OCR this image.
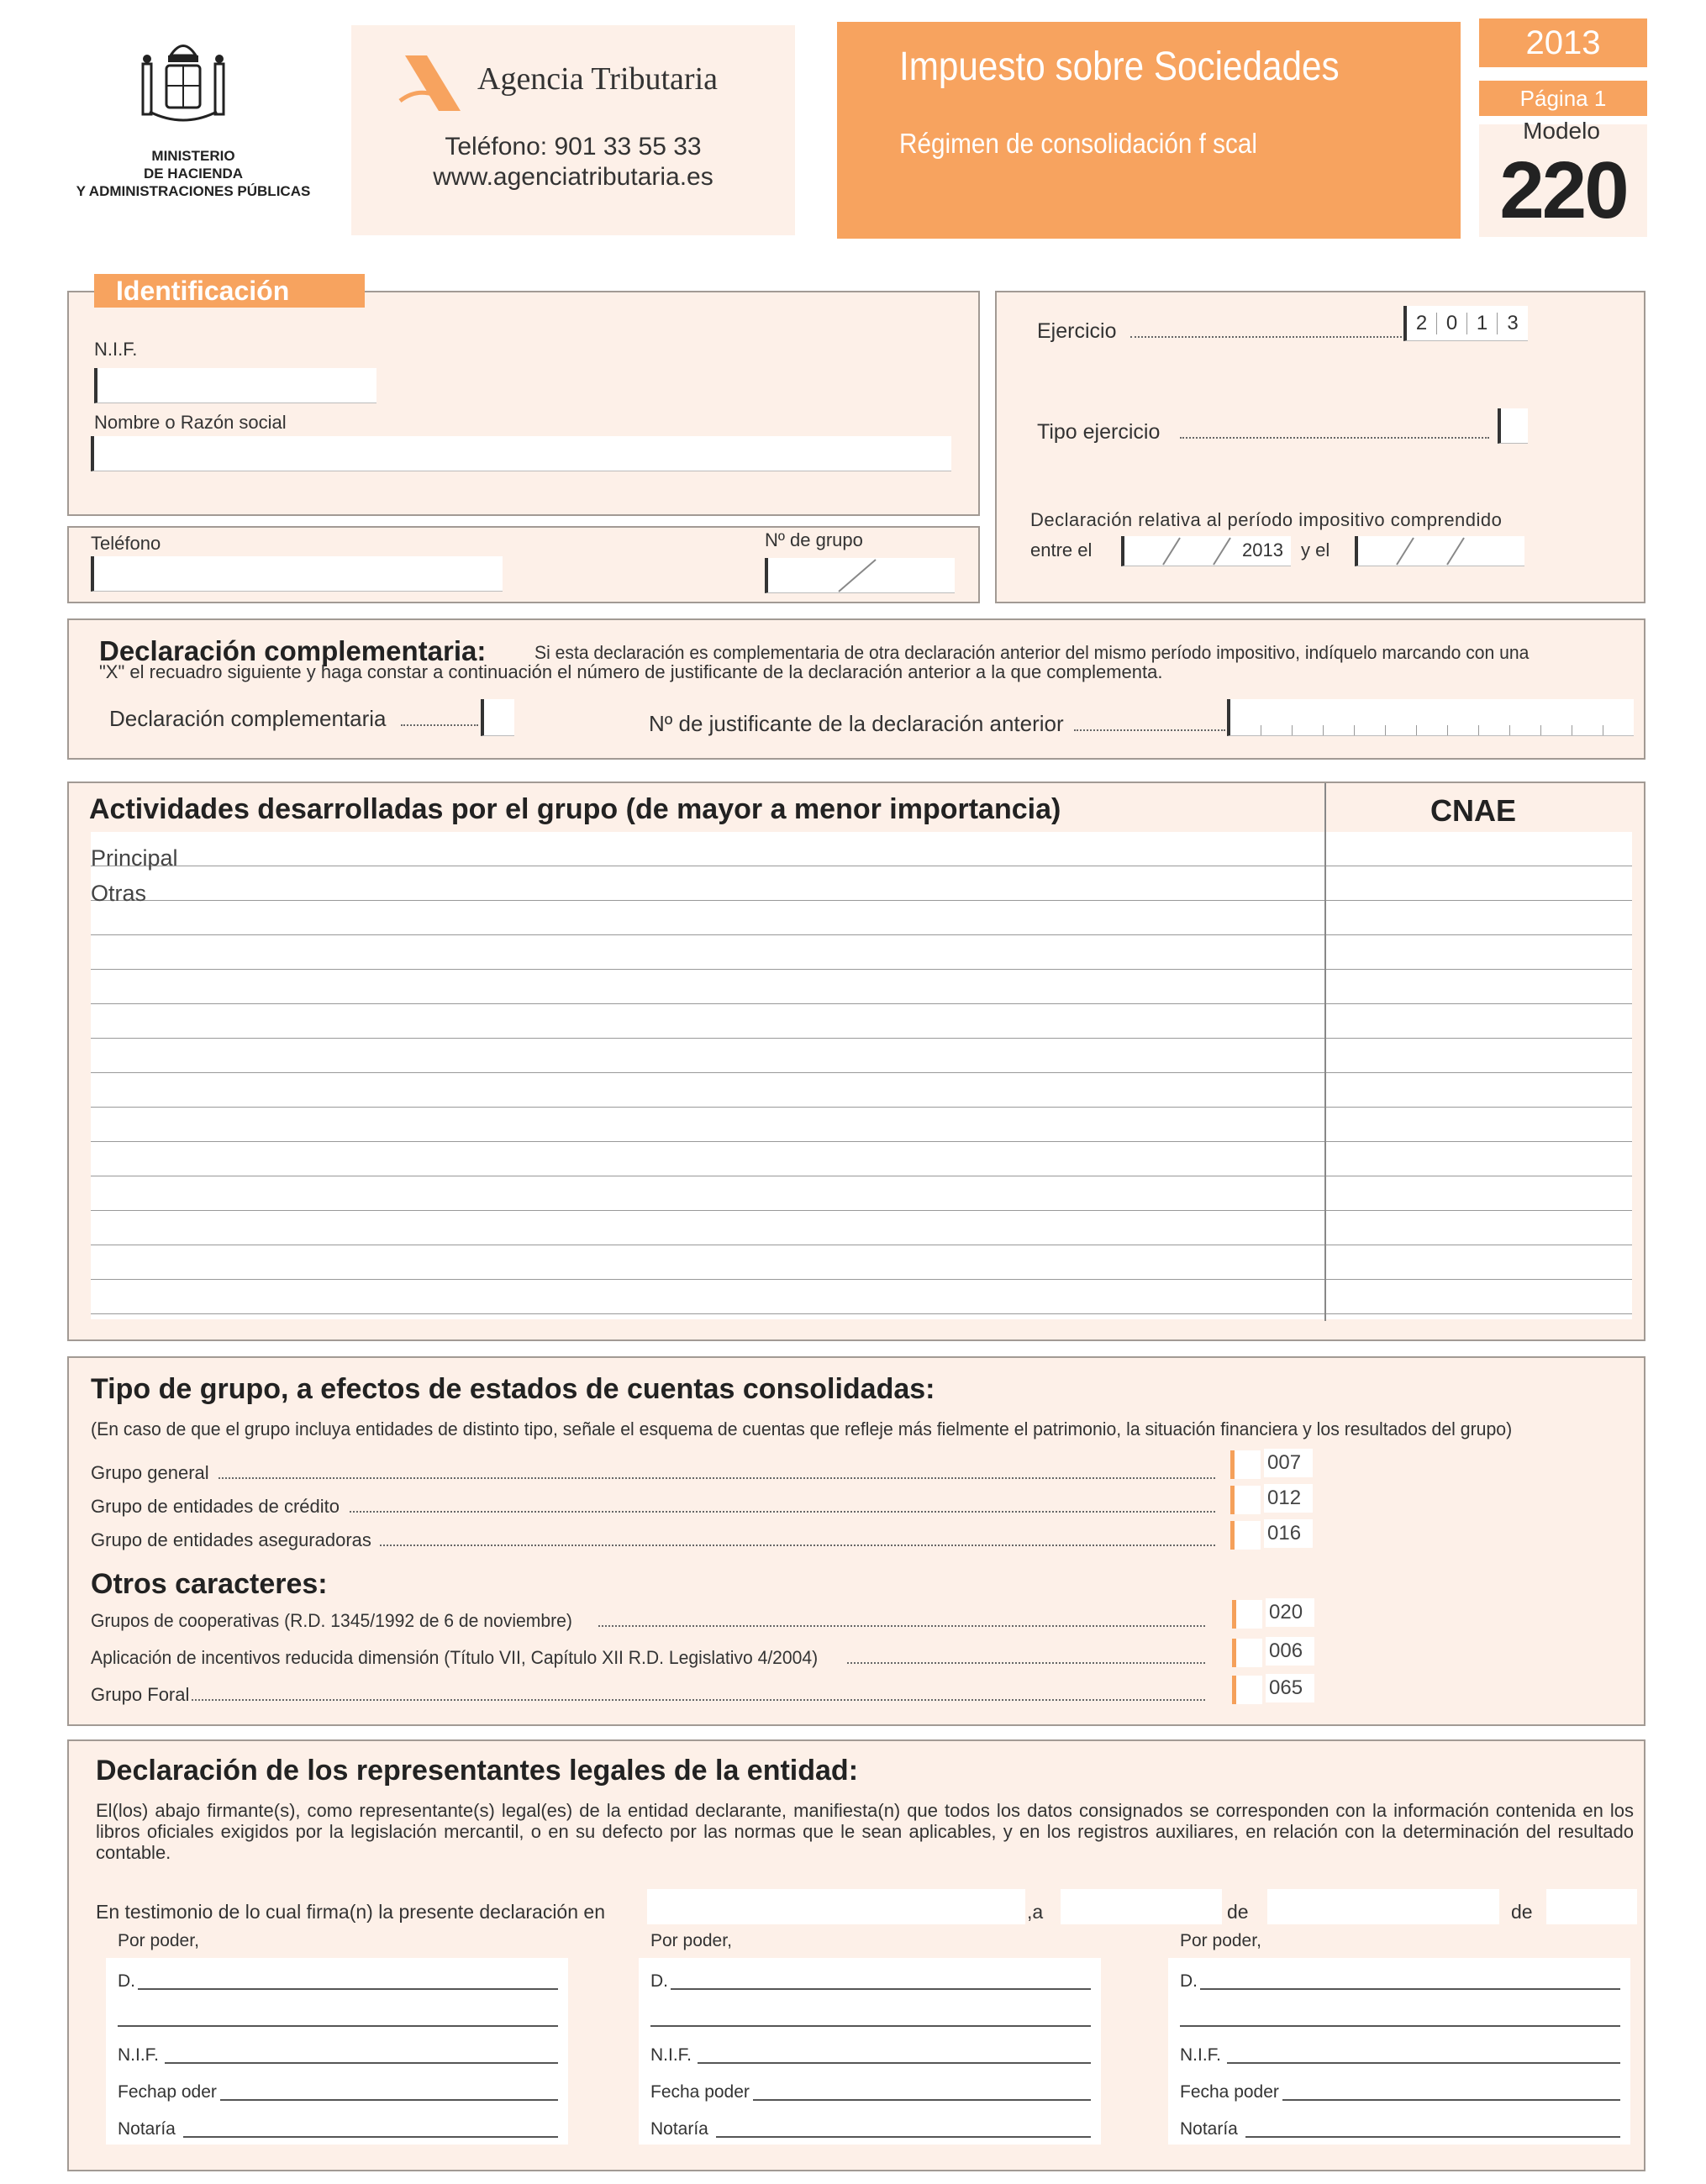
MINISTERIO
DE HACIENDA
Y ADMINISTRACIONES PÚBLICAS
Agencia Tributaria
Teléfono: 901 33 55 33
www.agenciatributaria.es
Impuesto sobre Sociedades
Régimen de consolidación f scal
2013
Página 1
Modelo
220
Identificación
N.I.F.
Nombre o Razón social
Teléfono	Nº de grupo
Ejercicio	2 0 1 3
Tipo ejercicio
Declaración relativa al período impositivo comprendido
entre el	2013 y el
Declaración complementaria:	Si esta declaración es complementaria de otra declaración anterior del mismo período impositivo, indíquelo marcando con una
"X" el recuadro siguiente y haga constar a continuación el número de justificante de la declaración anterior a la que complementa.
Declaración complementaria	Nº de justificante de la declaración anterior
Actividades desarrolladas por el grupo (de mayor a menor importancia)	CNAE
Principal
Otras
Tipo de grupo, a efectos de estados de cuentas consolidadas:
(En caso de que el grupo incluya entidades de distinto tipo, señale el esquema de cuentas que refleje más fielmente el patrimonio, la situación financiera y los resultados del grupo)
Grupo general	007
Grupo de entidades de crédito	012
Grupo de entidades aseguradoras	016
Otros caracteres:
Grupos de cooperativas (R.D. 1345/1992 de 6 de noviembre)	020
Aplicación de incentivos reducida dimensión (Título VII, Capítulo XII R.D. Legislativo 4/2004)	006
Grupo Foral	065
Declaración de los representantes legales de la entidad:
El(los) abajo firmante(s), como representante(s) legal(es) de la entidad declarante, manifiesta(n) que todos los datos consignados se corresponden con la información contenida en los libros oficiales exigidos por la legislación mercantil, o en su defecto por las normas que le sean aplicables, y en los registros auxiliares, en relación con la determinación del resultado contable.
En testimonio de lo cual firma(n) la presente declaración en	,a	de	de
Por poder,
D.
N.I.F.
Fechap oder
Notaría
Por poder,
D.
N.I.F.
Fecha poder
Notaría
Por poder,
D.
N.I.F.
Fecha poder
Notaría
